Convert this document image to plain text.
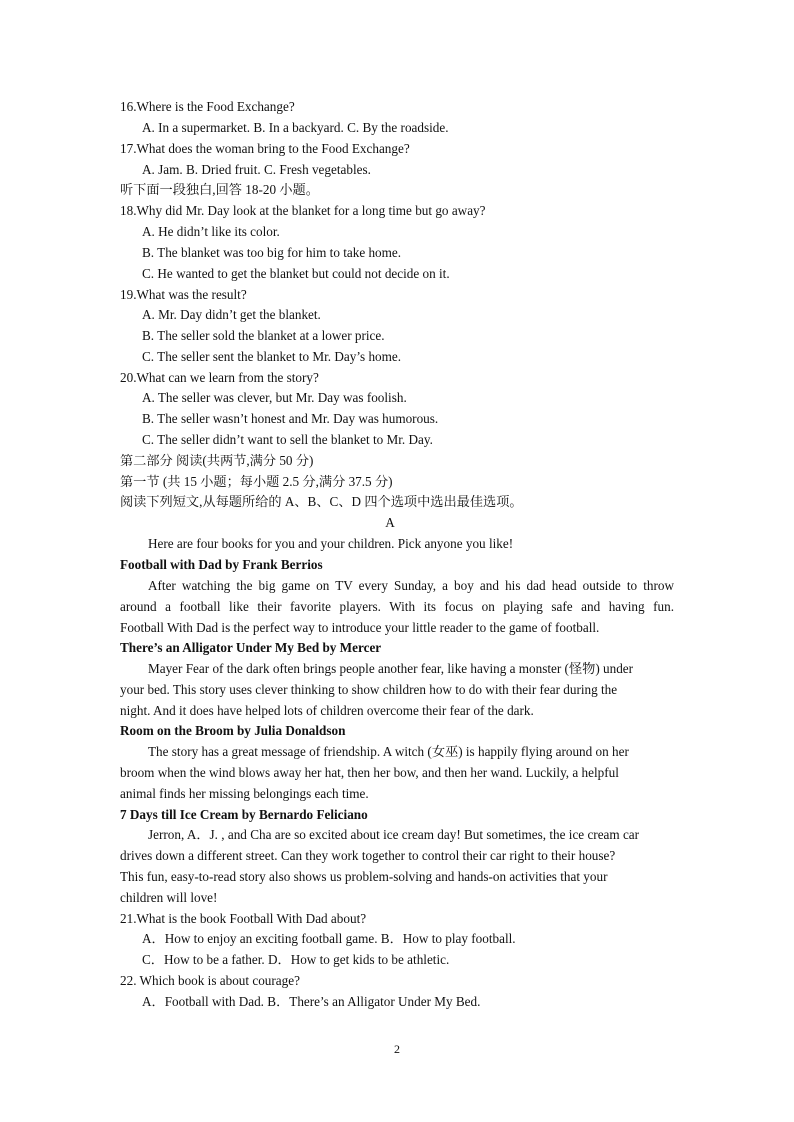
16.Where is the Food Exchange?
A. In a supermarket. B. In a backyard. C. By the roadside.
17.What does the woman bring to the Food Exchange?
A. Jam. B. Dried fruit. C. Fresh vegetables.
听下面一段独白,回答 18-20 小题。
18.Why did Mr. Day look at the blanket for a long time but go away?
A. He didn’t like its color.
B. The blanket was too big for him to take home.
C. He wanted to get the blanket but could not decide on it.
19.What was the result?
A. Mr. Day didn’t get the blanket.
B. The seller sold the blanket at a lower price.
C. The seller sent the blanket to Mr. Day’s home.
20.What can we learn from the story?
A. The seller was clever, but Mr. Day was foolish.
B. The seller wasn’t honest and Mr. Day was humorous.
C. The seller didn’t want to sell the blanket to Mr. Day.
第二部分 阅读(共两节,满分 50 分)
第一节 (共 15 小题；每小题 2.5 分,满分 37.5 分)
阅读下列短文,从每题所给的 A、B、C、D 四个选项中选出最佳选项。
A
Here are four books for you and your children. Pick anyone you like!
Football with Dad by Frank Berrios
After watching the big game on TV every Sunday, a boy and his dad head outside to throw
around a football like their favorite players. With its focus on playing safe and having fun.
Football With Dad is the perfect way to introduce your little reader to the game of football.
There’s an Alligator Under My Bed by Mercer
Mayer Fear of the dark often brings people another fear, like having a monster (怪物) under
your bed. This story uses clever thinking to show children how to do with their fear during the
night. And it does have helped lots of children overcome their fear of the dark.
Room on the Broom by Julia Donaldson
The story has a great message of friendship. A witch (女巫) is happily flying around on her
broom when the wind blows away her hat, then her bow, and then her wand. Luckily, a helpful
animal finds her missing belongings each time.
7 Days till Ice Cream by Bernardo Feliciano
Jerron, A．J. , and Cha are so excited about ice cream day! But sometimes, the ice cream car
drives down a different street. Can they work together to control their car right to their house?
This fun, easy-to-read story also shows us problem-solving and hands-on activities that your
children will love!
21.What is the book Football With Dad about?
A．How to enjoy an exciting football game. B．How to play football.
C．How to be a father. D．How to get kids to be athletic.
22. Which book is about courage?
A．Football with Dad. B．There’s an Alligator Under My Bed.
2
